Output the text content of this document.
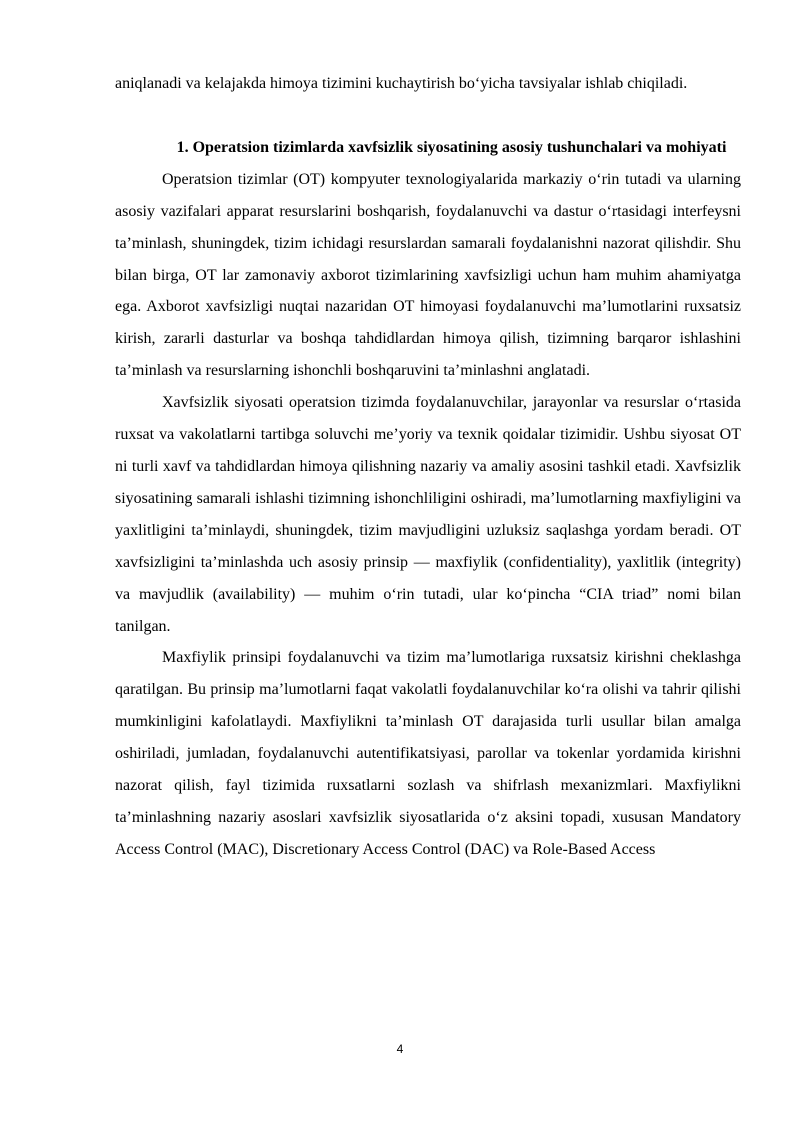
aniqlanadi va kelajakda himoya tizimini kuchaytirish bo‘yicha tavsiyalar ishlab chiqiladi.

1. Operatsion tizimlarda xavfsizlik siyosatining asosiy tushunchalari va mohiyati

Operatsion tizimlar (OT) kompyuter texnologiyalarida markaziy o‘rin tutadi va ularning asosiy vazifalari apparat resurslarini boshqarish, foydalanuvchi va dastur o‘rtasidagi interfeysni ta’minlash, shuningdek, tizim ichidagi resurslardan samarali foydalanishni nazorat qilishdir. Shu bilan birga, OT lar zamonaviy axborot tizimlarining xavfsizligi uchun ham muhim ahamiyatga ega. Axborot xavfsizligi nuqtai nazaridan OT himoyasi foydalanuvchi ma’lumotlarini ruxsatsiz kirish, zararli dasturlar va boshqa tahdidlardan himoya qilish, tizimning barqaror ishlashini ta’minlash va resurslarning ishonchli boshqaruvini ta’minlashni anglatadi.

Xavfsizlik siyosati operatsion tizimda foydalanuvchilar, jarayonlar va resurslar o‘rtasida ruxsat va vakolatlarni tartibga soluvchi me’yoriy va texnik qoidalar tizimidir. Ushbu siyosat OT ni turli xavf va tahdidlardan himoya qilishning nazariy va amaliy asosini tashkil etadi. Xavfsizlik siyosatining samarali ishlashi tizimning ishonchliligini oshiradi, ma’lumotlarning maxfiyligini va yaxlitligini ta’minlaydi, shuningdek, tizim mavjudligini uzluksiz saqlashga yordam beradi. OT xavfsizligini ta’minlashda uch asosiy prinsip — maxfiylik (confidentiality), yaxlitlik (integrity) va mavjudlik (availability) — muhim o‘rin tutadi, ular ko‘pincha “CIA triad” nomi bilan tanilgan.

Maxfiylik prinsipi foydalanuvchi va tizim ma’lumotlariga ruxsatsiz kirishni cheklashga qaratilgan. Bu prinsip ma’lumotlarni faqat vakolatli foydalanuvchilar ko‘ra olishi va tahrir qilishi mumkinligini kafolatlaydi. Maxfiylikni ta’minlash OT darajasida turli usullar bilan amalga oshiriladi, jumladan, foydalanuvchi autentifikatsiyasi, parollar va tokenlar yordamida kirishni nazorat qilish, fayl tizimida ruxsatlarni sozlash va shifrlash mexanizmlari. Maxfiylikni ta’minlashning nazariy asoslari xavfsizlik siyosatlarida o‘z aksini topadi, xususan Mandatory Access Control (MAC), Discretionary Access Control (DAC) va Role-Based Access

4
